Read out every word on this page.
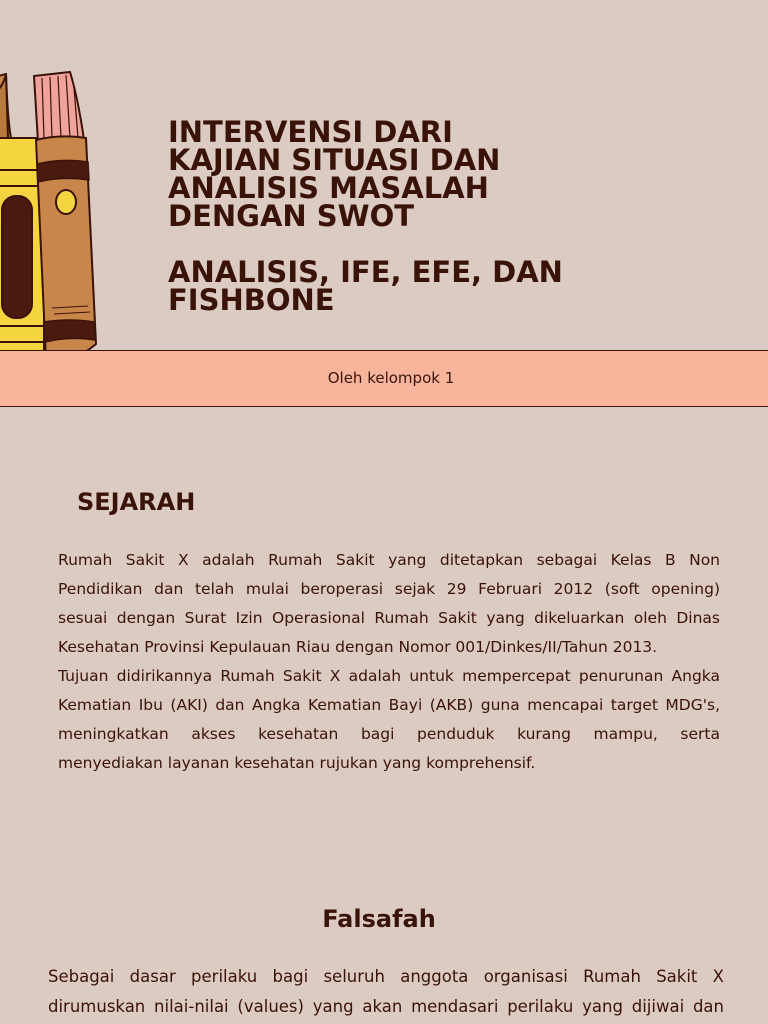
INTERVENSI DARI
KAJIAN SITUASI DAN
ANALISIS MASALAH
DENGAN SWOT
ANALISIS, IFE, EFE, DAN
FISHBONE
Oleh kelompok 1
SEJARAH
Rumah Sakit X adalah Rumah Sakit yang ditetapkan sebagai Kelas B Non
Pendidikan dan telah mulai beroperasi sejak 29 Februari 2012 (soft opening)
sesuai dengan Surat Izin Operasional Rumah Sakit yang dikeluarkan oleh Dinas
Kesehatan Provinsi Kepulauan Riau dengan Nomor 001/Dinkes/II/Tahun 2013.
Tujuan didirikannya Rumah Sakit X adalah untuk mempercepat penurunan Angka
Kematian Ibu (AKI) dan Angka Kematian Bayi (AKB) guna mencapai target MDG's,
meningkatkan akses kesehatan bagi penduduk kurang mampu, serta
menyediakan layanan kesehatan rujukan yang komprehensif.
Falsafah
Sebagai dasar perilaku bagi seluruh anggota organisasi Rumah Sakit X
dirumuskan nilai-nilai (values) yang akan mendasari perilaku yang dijiwai dan
